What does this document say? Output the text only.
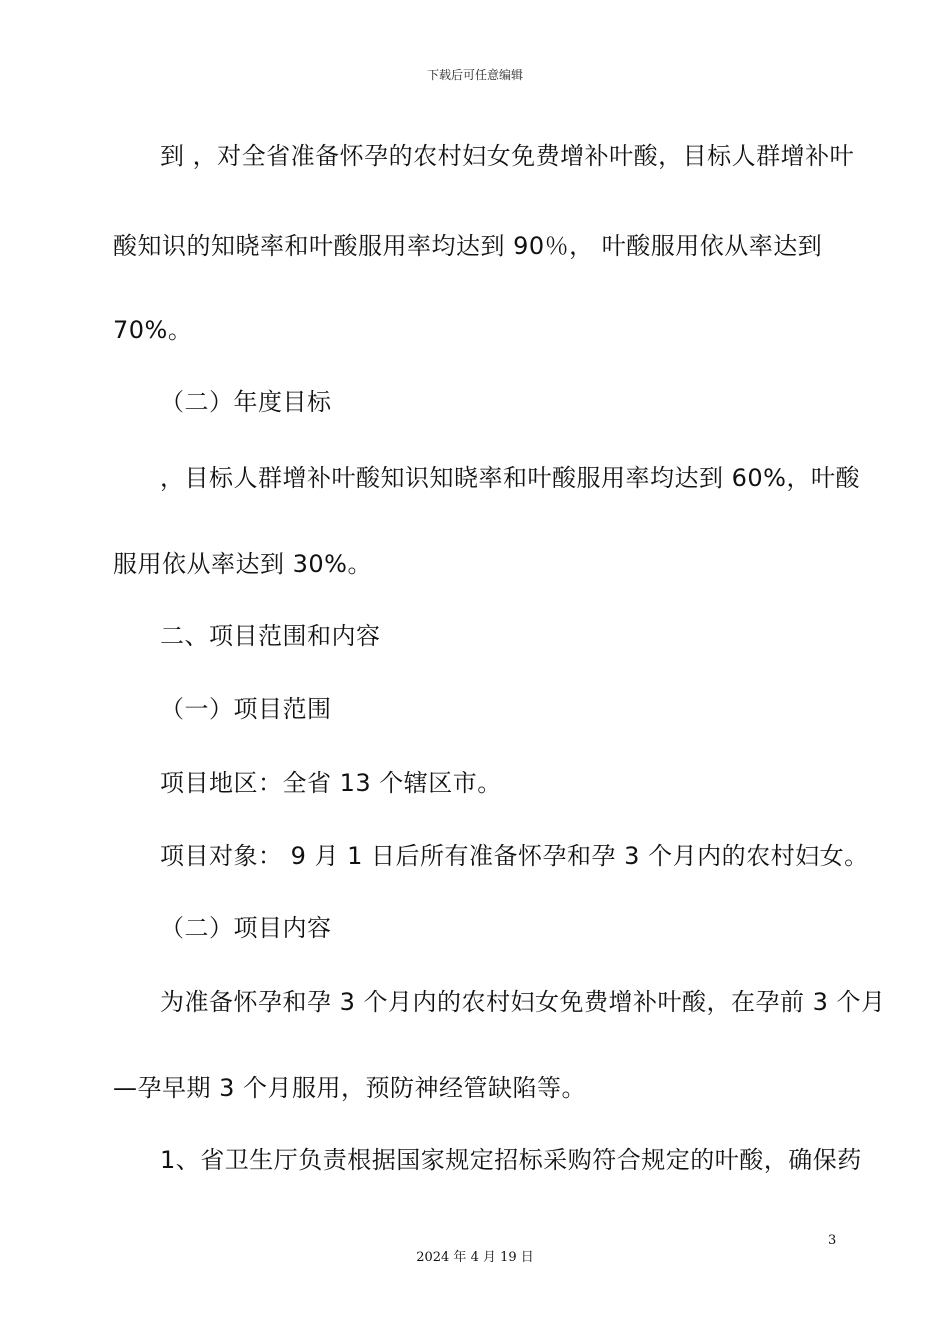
下载后可任意编辑
到 ，对全省准备怀孕的农村妇女免费增补叶酸，目标人群增补叶
酸知识的知晓率和叶酸服用率均达到 90％， 叶酸服用依从率达到
70%。
（二）年度目标
，目标人群增补叶酸知识知晓率和叶酸服用率均达到 60%，叶酸
服用依从率达到 30%。
二、项目范围和内容
（一）项目范围
项目地区：全省 13 个辖区市。
项目对象： 9 月 1 日后所有准备怀孕和孕 3 个月内的农村妇女。
（二）项目内容
为准备怀孕和孕 3 个月内的农村妇女免费增补叶酸，在孕前 3 个月
—孕早期 3 个月服用，预防神经管缺陷等。
1、省卫生厅负责根据国家规定招标采购符合规定的叶酸，确保药
3
2024 年 4 月 19 日
